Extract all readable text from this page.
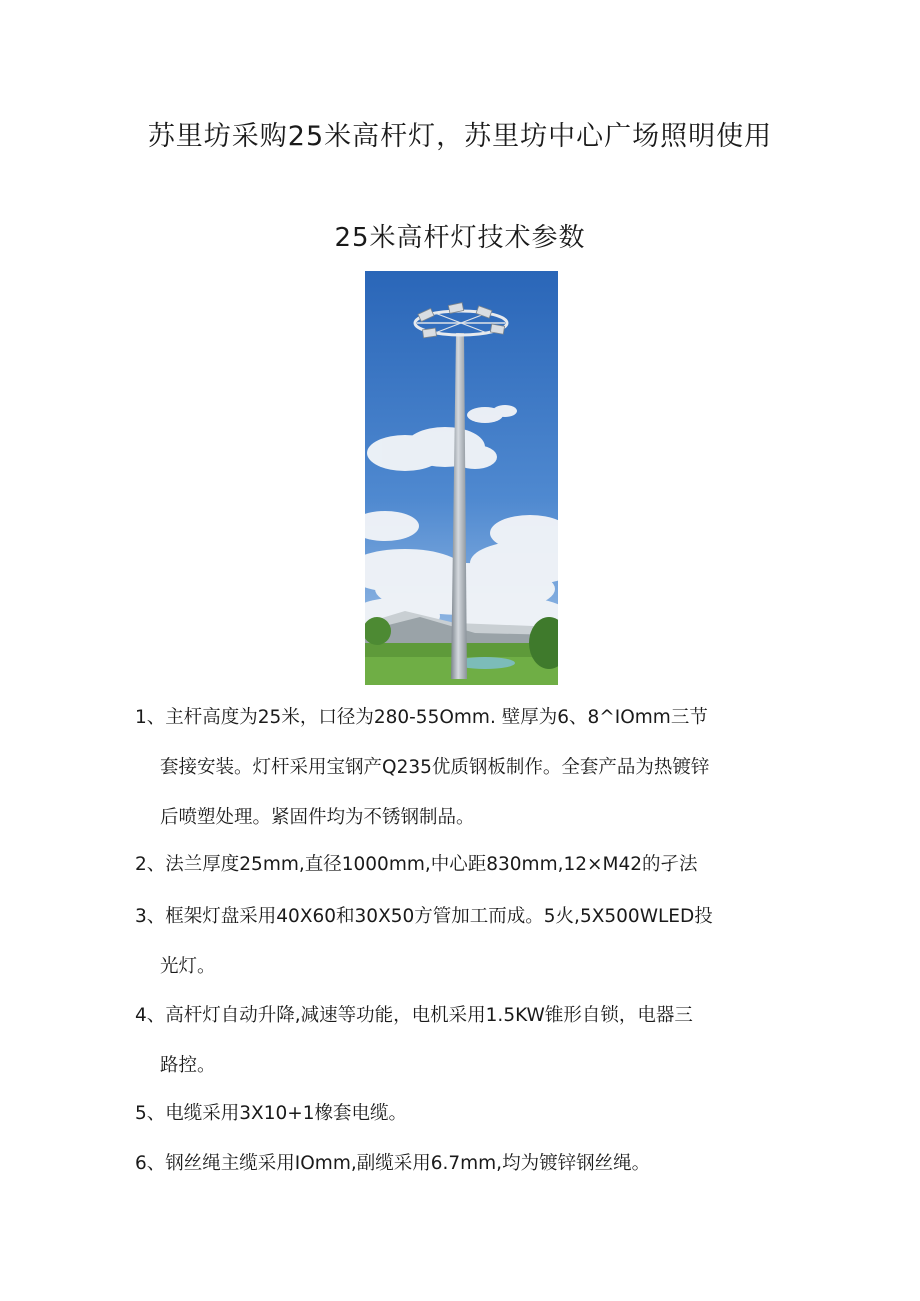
苏里坊采购25米高杆灯，苏里坊中心广场照明使用
25米高杆灯技术参数
1、主杆高度为25米，口径为280-55Omm. 壁厚为6、8^IOmm三节
套接安装。灯杆采用宝钢产Q235优质钢板制作。全套产品为热镀锌
后喷塑处理。紧固件均为不锈钢制品。
2、法兰厚度25mm,直径1000mm,中心距830mm,12×M42的孑法
3、框架灯盘采用40X60和30X50方管加工而成。5火,5X500WLED投
光灯。
4、高杆灯自动升降,减速等功能，电机采用1.5KW锥形自锁，电器三
路控。
5、电缆采用3X10+1橡套电缆。
6、钢丝绳主缆采用IOmm,副缆采用6.7mm,均为镀锌钢丝绳。
